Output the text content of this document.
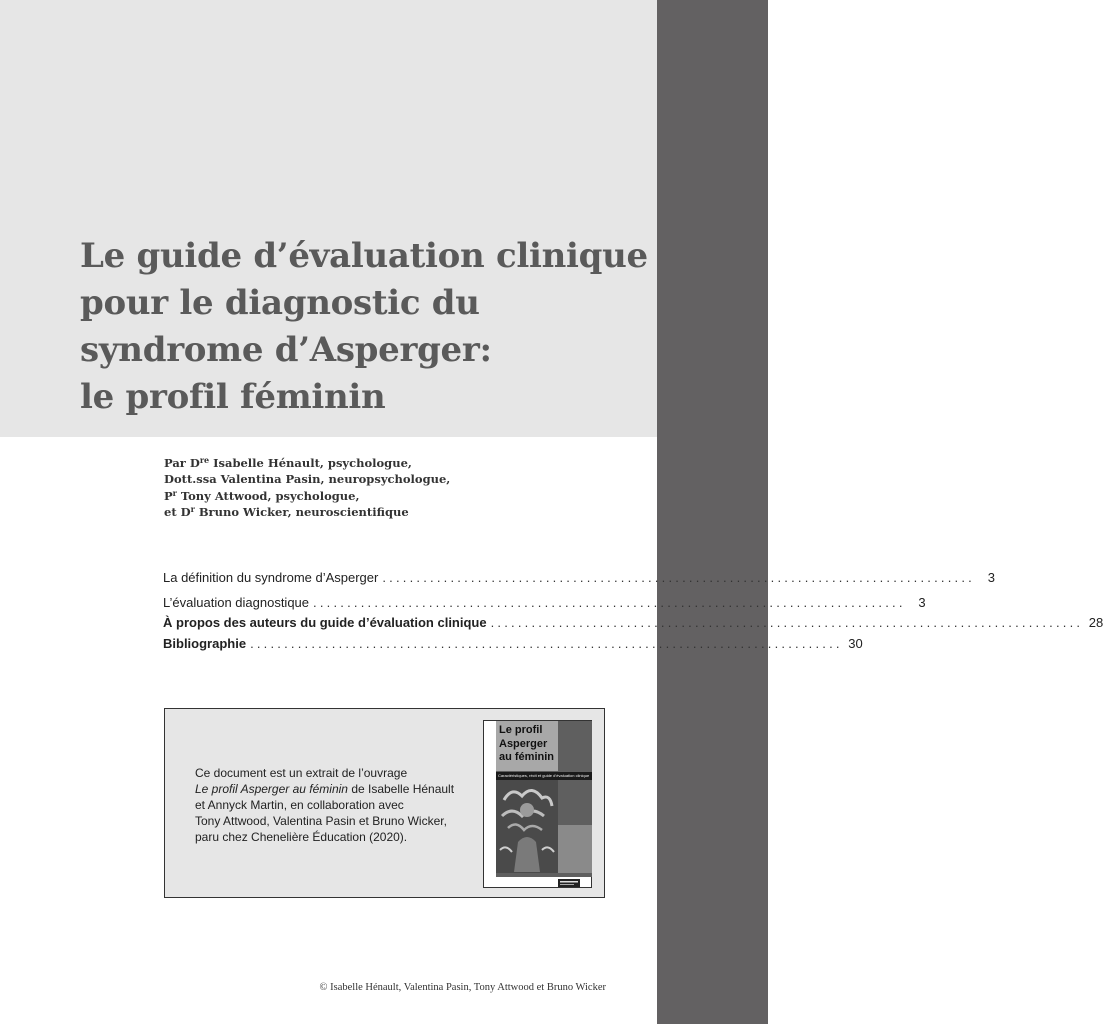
Le guide d’évaluation clinique
pour le diagnostic du
syndrome d’Asperger:
le profil féminin
Par Dre Isabelle Hénault, psychologue,
Dott.ssa Valentina Pasin, neuropsychologue,
$P^r$ Tony Attwood, psychologue,
et $D^r$ Bruno Wicker, neuroscientifique
La définition du syndrome d’Asperger ....................................................................................... 3
L’évaluation diagnostique ....................................................................................... 3
À propos des auteurs du guide d’évaluation clinique ....................................................................................... 28
Bibliographie ....................................................................................... 30
Ce document est un extrait de l’ouvrage
Le profil Asperger au féminin de Isabelle Hénault
et Annyck Martin, en collaboration avec
Tony Attwood, Valentina Pasin et Bruno Wicker,
paru chez Chenelière Éducation (2020).
Le profil
Asperger
au féminin
Caractéristiques, récit et guide d’évaluation clinique
© Isabelle Hénault, Valentina Pasin, Tony Attwood et Bruno Wicker
